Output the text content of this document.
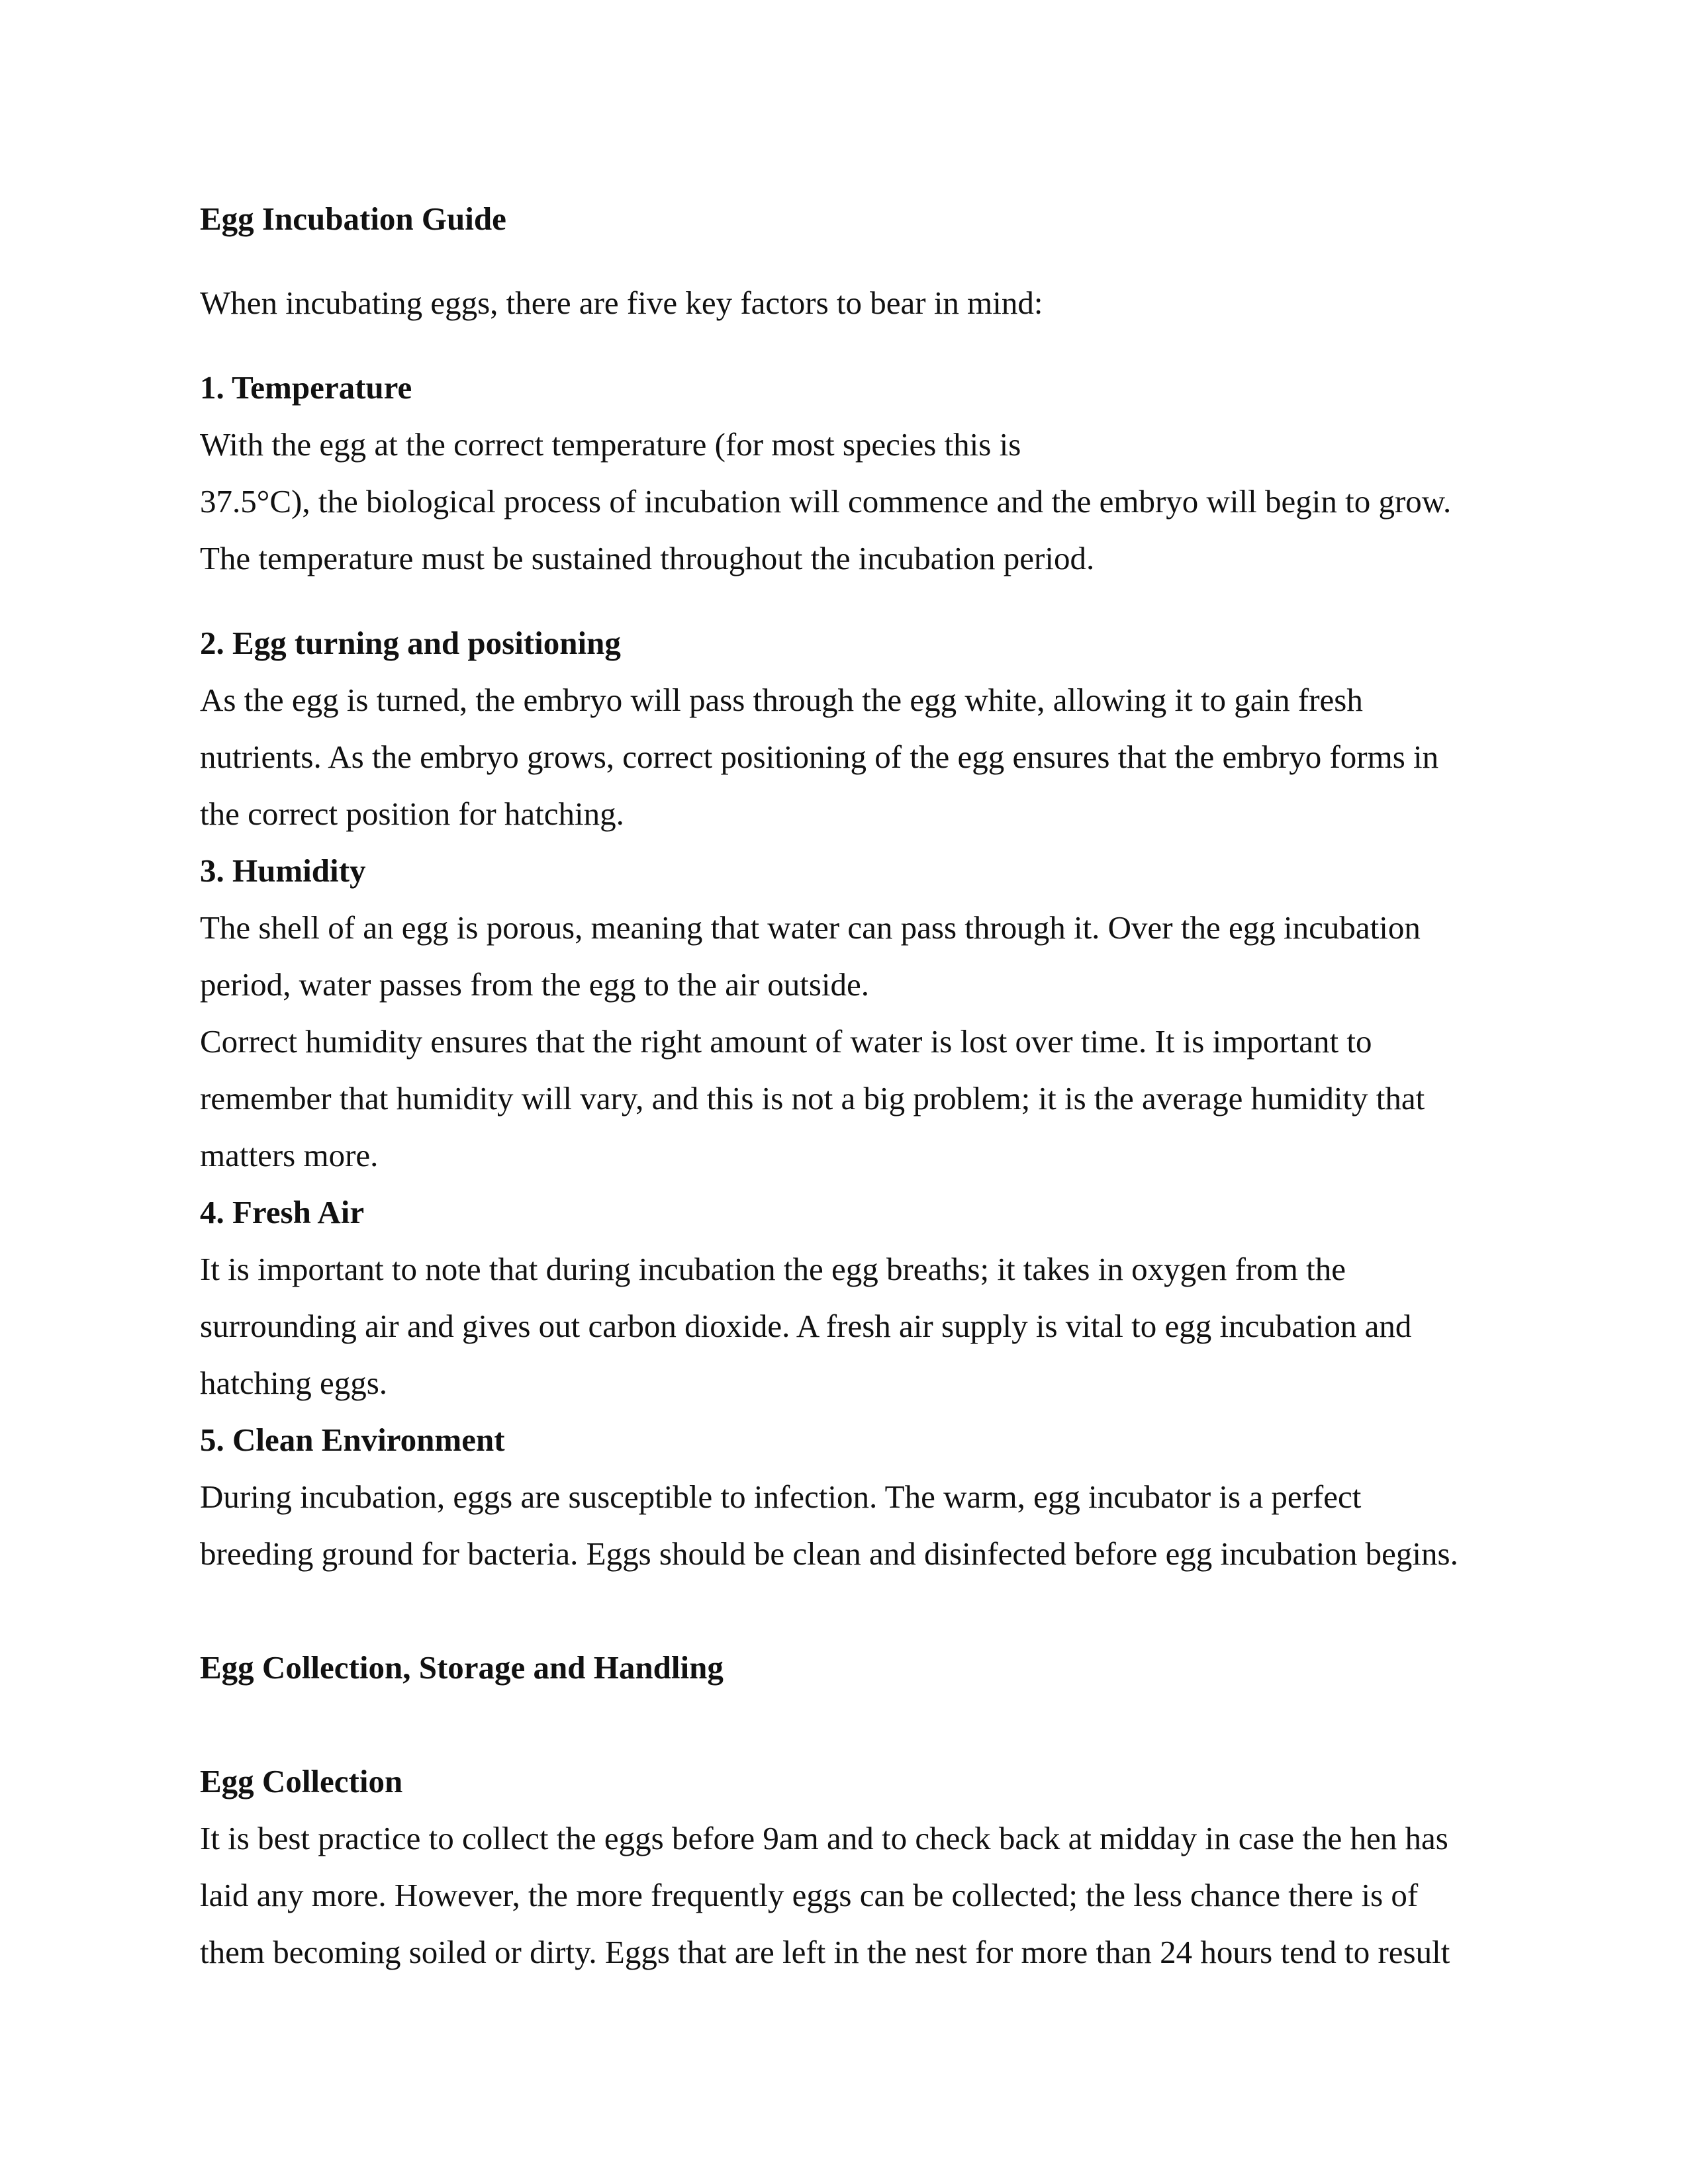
Egg Incubation Guide

When incubating eggs, there are five key factors to bear in mind:

1. Temperature

With the egg at the correct temperature (for most species this is

37.5°C), the biological process of incubation will commence and the embryo will begin to grow.

The temperature must be sustained throughout the incubation period.

2. Egg turning and positioning

As the egg is turned, the embryo will pass through the egg white, allowing it to gain fresh

nutrients. As the embryo grows, correct positioning of the egg ensures that the embryo forms in

the correct position for hatching.

3. Humidity

The shell of an egg is porous, meaning that water can pass through it. Over the egg incubation

period, water passes from the egg to the air outside.

Correct humidity ensures that the right amount of water is lost over time. It is important to

remember that humidity will vary, and this is not a big problem; it is the average humidity that

matters more.

4. Fresh Air

It is important to note that during incubation the egg breaths; it takes in oxygen from the

surrounding air and gives out carbon dioxide. A fresh air supply is vital to egg incubation and

hatching eggs.

5. Clean Environment

During incubation, eggs are susceptible to infection. The warm, egg incubator is a perfect

breeding ground for bacteria. Eggs should be clean and disinfected before egg incubation begins.

Egg Collection, Storage and Handling

Egg Collection

It is best practice to collect the eggs before 9am and to check back at midday in case the hen has

laid any more. However, the more frequently eggs can be collected; the less chance there is of

them becoming soiled or dirty. Eggs that are left in the nest for more than 24 hours tend to result
